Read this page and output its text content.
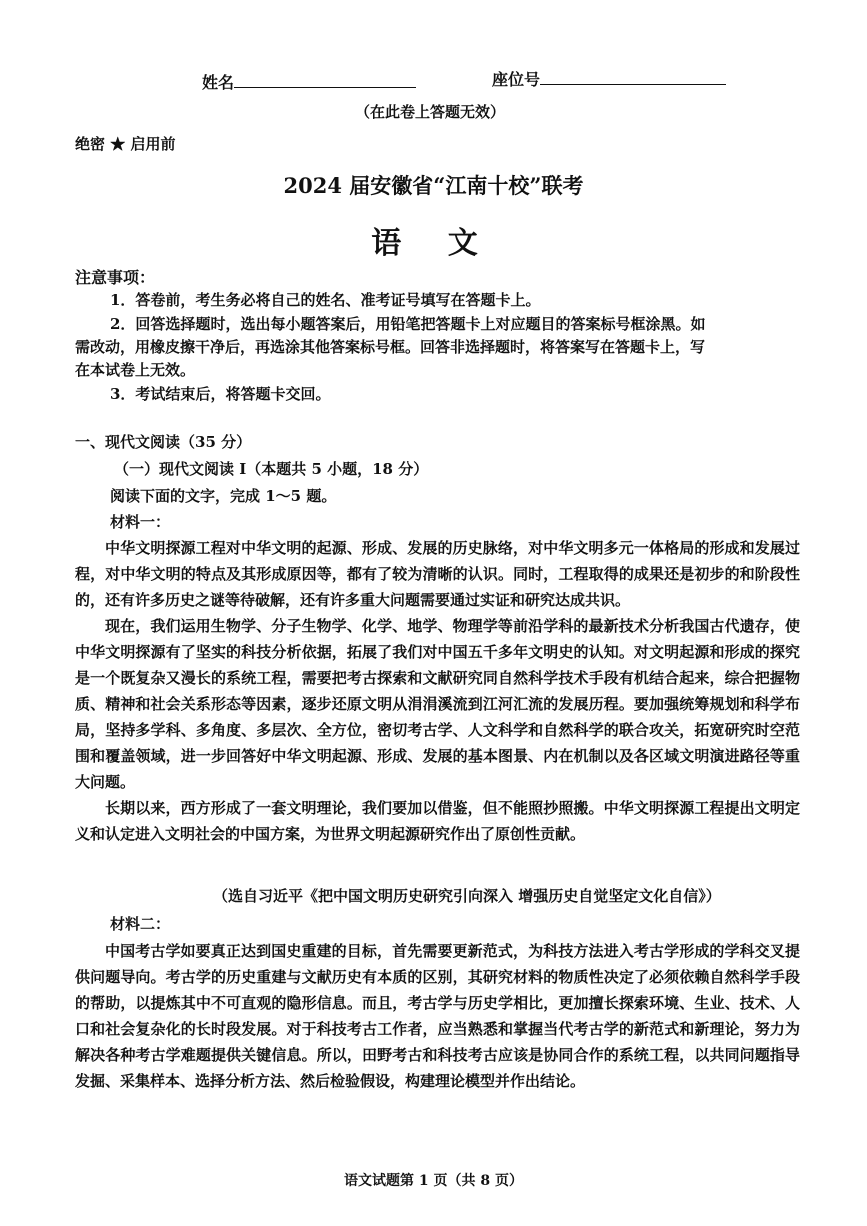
姓名	座位号
（在此卷上答题无效）
绝密 ★ 启用前
2024 届安徽省“江南十校”联考
语 文
注意事项：
1．答卷前，考生务必将自己的姓名、准考证号填写在答题卡上。
2．回答选择题时，选出每小题答案后，用铅笔把答题卡上对应题目的答案标号框涂黑。如
需改动，用橡皮擦干净后，再选涂其他答案标号框。回答非选择题时，将答案写在答题卡上，写
在本试卷上无效。
3．考试结束后，将答题卡交回。
一、现代文阅读（35 分）
（一）现代文阅读 I（本题共 5 小题，18 分）
阅读下面的文字，完成 1～5 题。
材料一：

中华文明探源工程对中华文明的起源、形成、发展的历史脉络，对中华文明多元一体格局的形成和发展过程，对中华文明的特点及其形成原因等，都有了较为清晰的认识。同时，工程取得的成果还是初步的和阶段性的，还有许多历史之谜等待破解，还有许多重大问题需要通过实证和研究达成共识。

现在，我们运用生物学、分子生物学、化学、地学、物理学等前沿学科的最新技术分析我国古代遗存，使中华文明探源有了坚实的科技分析依据，拓展了我们对中国五千多年文明史的认知。对文明起源和形成的探究是一个既复杂又漫长的系统工程，需要把考古探索和文献研究同自然科学技术手段有机结合起来，综合把握物质、精神和社会关系形态等因素，逐步还原文明从涓涓溪流到江河汇流的发展历程。要加强统筹规划和科学布局，坚持多学科、多角度、多层次、全方位，密切考古学、人文科学和自然科学的联合攻关，拓宽研究时空范围和覆盖领域，进一步回答好中华文明起源、形成、发展的基本图景、内在机制以及各区域文明演进路径等重大问题。

长期以来，西方形成了一套文明理论，我们要加以借鉴，但不能照抄照搬。中华文明探源工程提出文明定义和认定进入文明社会的中国方案，为世界文明起源研究作出了原创性贡献。

（选自习近平《把中国文明历史研究引向深入 增强历史自觉坚定文化自信》）
材料二：

中国考古学如要真正达到国史重建的目标，首先需要更新范式，为科技方法进入考古学形成的学科交叉提供问题导向。考古学的历史重建与文献历史有本质的区别，其研究材料的物质性决定了必须依赖自然科学手段的帮助，以提炼其中不可直观的隐形信息。而且，考古学与历史学相比，更加擅长探索环境、生业、技术、人口和社会复杂化的长时段发展。对于科技考古工作者，应当熟悉和掌握当代考古学的新范式和新理论，努力为解决各种考古学难题提供关键信息。所以，田野考古和科技考古应该是协同合作的系统工程，以共同问题指导发掘、采集样本、选择分析方法、然后检验假设，构建理论模型并作出结论。

语文试题第 1 页（共 8 页）
